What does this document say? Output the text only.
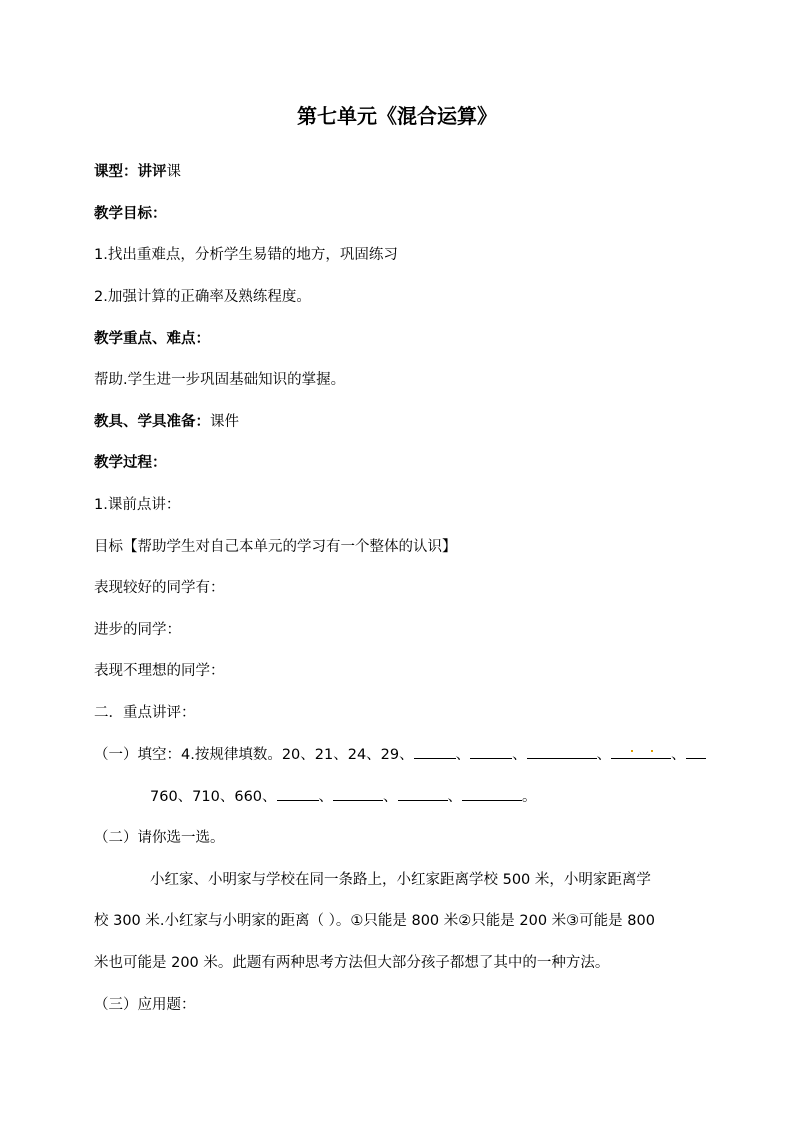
第七单元《混合运算》
课型：讲评课
教学目标：
1.找出重难点，分析学生易错的地方，巩固练习
2.加强计算的正确率及熟练程度。
教学重点、难点：
帮助.学生进一步巩固基础知识的掌握。
教具、学具准备：课件
教学过程：
1.课前点讲：
目标【帮助学生对自己本单元的学习有一个整体的认识】
表现较好的同学有：
进步的同学：
表现不理想的同学：
二．重点讲评：
（一）填空：4.按规律填数。20、21、24、29、	、	、	、	、
760、710、660、	、	、	、	。
（二）请你选一选。
小红家、小明家与学校在同一条路上，小红家距离学校 500 米，小明家距离学
校 300 米.小红家与小明家的距离（ ）。①只能是 800 米②只能是 200 米③可能是 800
米也可能是 200 米。此题有两种思考方法但大部分孩子都想了其中的一种方法。
（三）应用题：
